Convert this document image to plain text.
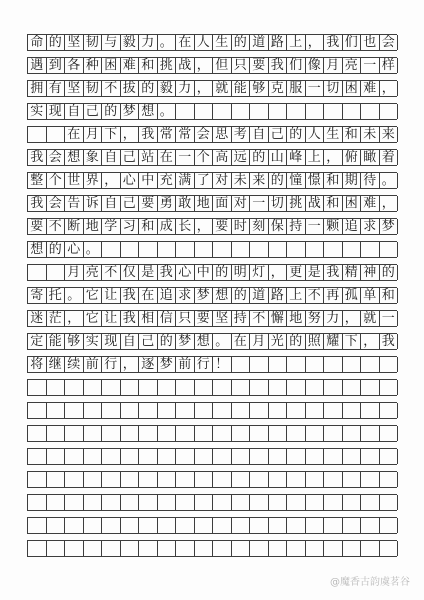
命 的 坚 韧 与 毅 力 。 在 人 生 的 道 路 上 ， 我 们 也 会
遇 到 各 种 困 难 和 挑 战 ， 但 只 要 我 们 像 月 亮 一 样
拥 有 坚 韧 不 拔 的 毅 力 ， 就 能 够 克 服 一 切 困 难 ，
实 现 自 己 的 梦 想 。
在 月 下 ， 我 常 常 会 思 考 自 己 的 人 生 和 未 来
我 会 想 象 自 己 站 在 一 个 高 远 的 山 峰 上 ， 俯 瞰 着
整 个 世 界 ， 心 中 充 满 了 对 未 来 的 憧 憬 和 期 待 。
我 会 告 诉 自 己 要 勇 敢 地 面 对 一 切 挑 战 和 困 难 ，
要 不 断 地 学 习 和 成 长 ， 要 时 刻 保 持 一 颗 追 求 梦
想 的 心 。
月 亮 不 仅 是 我 心 中 的 明 灯 ， 更 是 我 精 神 的
寄 托 。 它 让 我 在 追 求 梦 想 的 道 路 上 不 再 孤 单 和
迷 茫 ， 它 让 我 相 信 只 要 坚 持 不 懈 地 努 力 ， 就 一
定 能 够 实 现 自 己 的 梦 想 。 在 月 光 的 照 耀 下 ， 我
将 继 续 前 行 ， 逐 梦 前 行 ！
@魔香古韵虞茗谷
